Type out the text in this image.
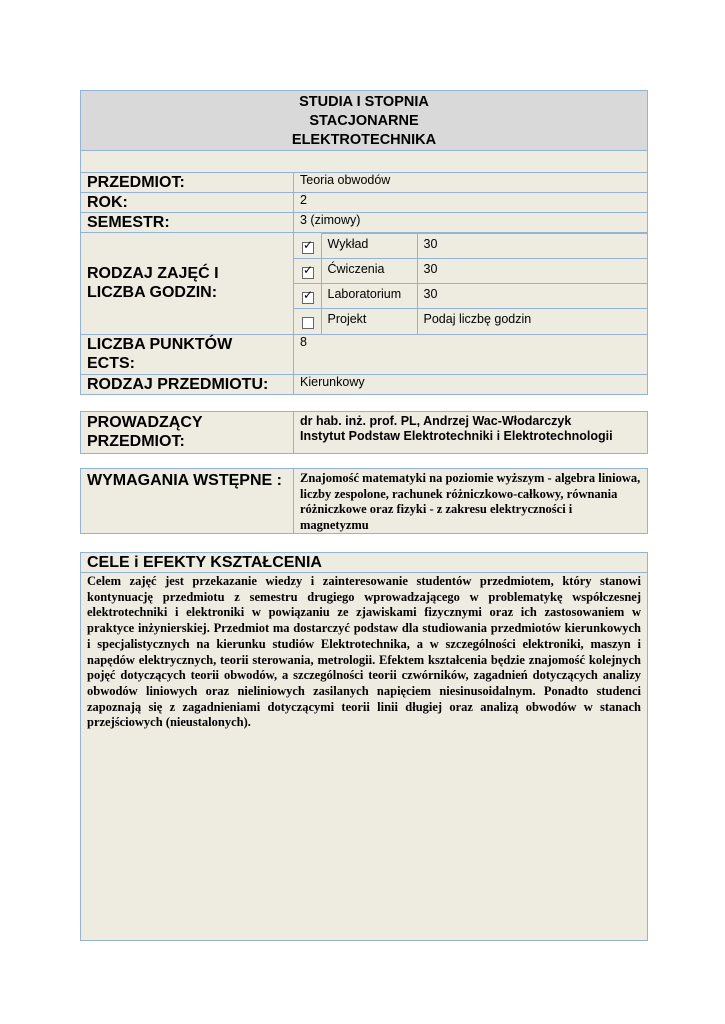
STUDIA I STOPNIA
STACJONARNE
ELEKTROTECHNIKA

PRZEDMIOT:	Teoria obwodów
ROK:	2
SEMESTR:	3 (zimowy)

RODZAJ ZAJĘĆ I
LICZBA GODZIN:

✓	Wykład	30

✓	Ćwiczenia	30

✓	Laboratorium	30
	Projekt	Podaj liczbę godzin

LICZBA PUNKTÓW
ECTS:
	8
RODZAJ PRZEDMIOTU:	Kierunkowy
PROWADZĄCY
PRZEDMIOT:

dr hab. inż. prof. PL, Andrzej Wac-Włodarczyk
Instytut Podstaw Elektrotechniki i Elektrotechnologii
WYMAGANIA WSTĘPNE :	Znajomość matematyki na poziomie wyższym - algebra liniowa, liczby zespolone, rachunek różniczkowo-całkowy, równania różniczkowe oraz fizyki - z zakresu elektryczności i magnetyzmu
CELE i EFEKTY KSZTAŁCENIA
Celem zajęć jest przekazanie wiedzy i zainteresowanie studentów przedmiotem, który stanowi kontynuację przedmiotu z semestru drugiego wprowadzającego w problematykę współczesnej elektrotechniki i elektroniki w powiązaniu ze zjawiskami fizycznymi oraz ich zastosowaniem w praktyce inżynierskiej. Przedmiot ma dostarczyć podstaw dla studiowania przedmiotów kierunkowych i specjalistycznych na kierunku studiów Elektrotechnika, a w szczególności elektroniki, maszyn i napędów elektrycznych, teorii sterowania, metrologii. Efektem kształcenia będzie znajomość kolejnych pojęć dotyczących teorii obwodów, a szczególności teorii czwórników, zagadnień dotyczących analizy obwodów liniowych oraz nieliniowych zasilanych napięciem niesinusoidalnym. Ponadto studenci zapoznają się z zagadnieniami dotyczącymi teorii linii długiej oraz analizą obwodów w stanach przejściowych (nieustalonych).
